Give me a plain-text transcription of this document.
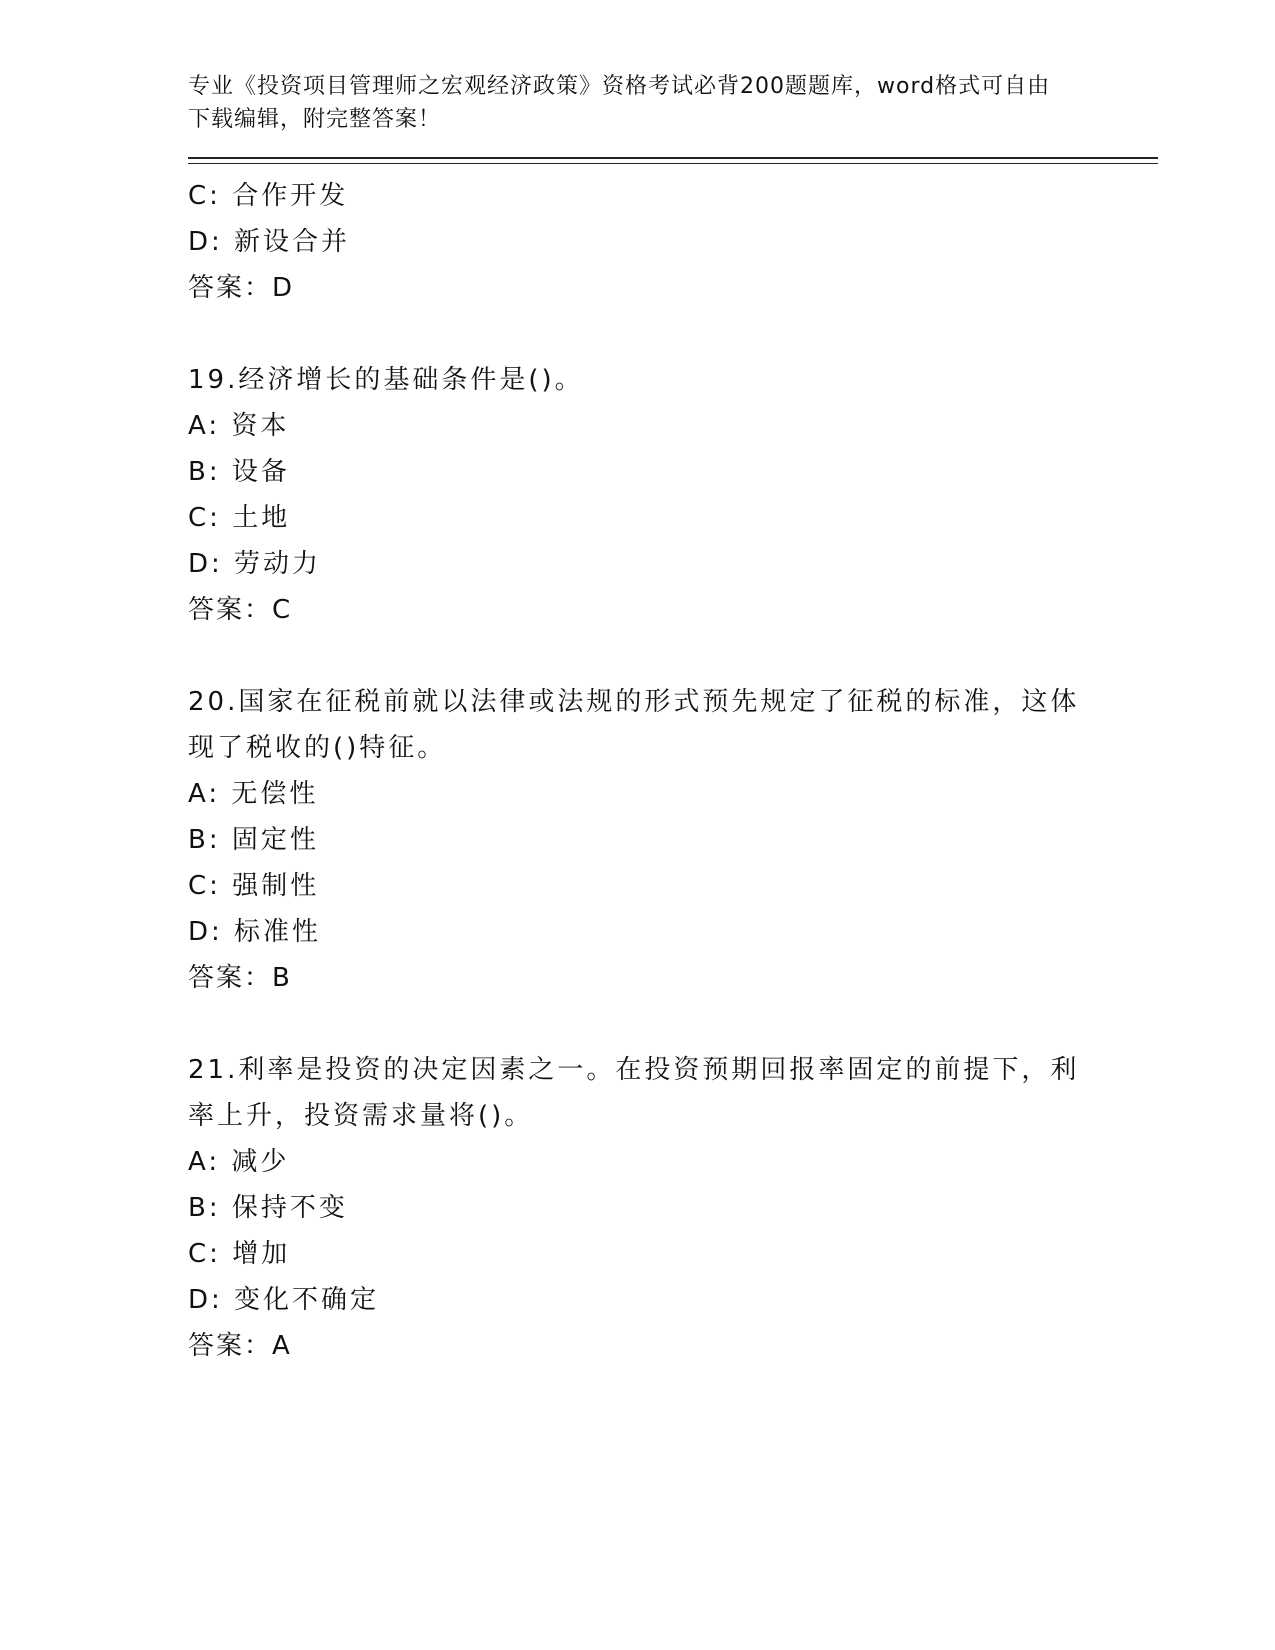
专业《投资项目管理师之宏观经济政策》资格考试必背200题题库，word格式可自由下载编辑，附完整答案！
C: 合作开发
D: 新设合并
答案：D
19.经济增长的基础条件是()。
A: 资本
B: 设备
C: 土地
D: 劳动力
答案：C
20.国家在征税前就以法律或法规的形式预先规定了征税的标准，这体现了税收的()特征。
A: 无偿性
B: 固定性
C: 强制性
D: 标准性
答案：B
21.利率是投资的决定因素之一。在投资预期回报率固定的前提下，利率上升，投资需求量将()。
A: 减少
B: 保持不变
C: 增加
D: 变化不确定
答案：A
